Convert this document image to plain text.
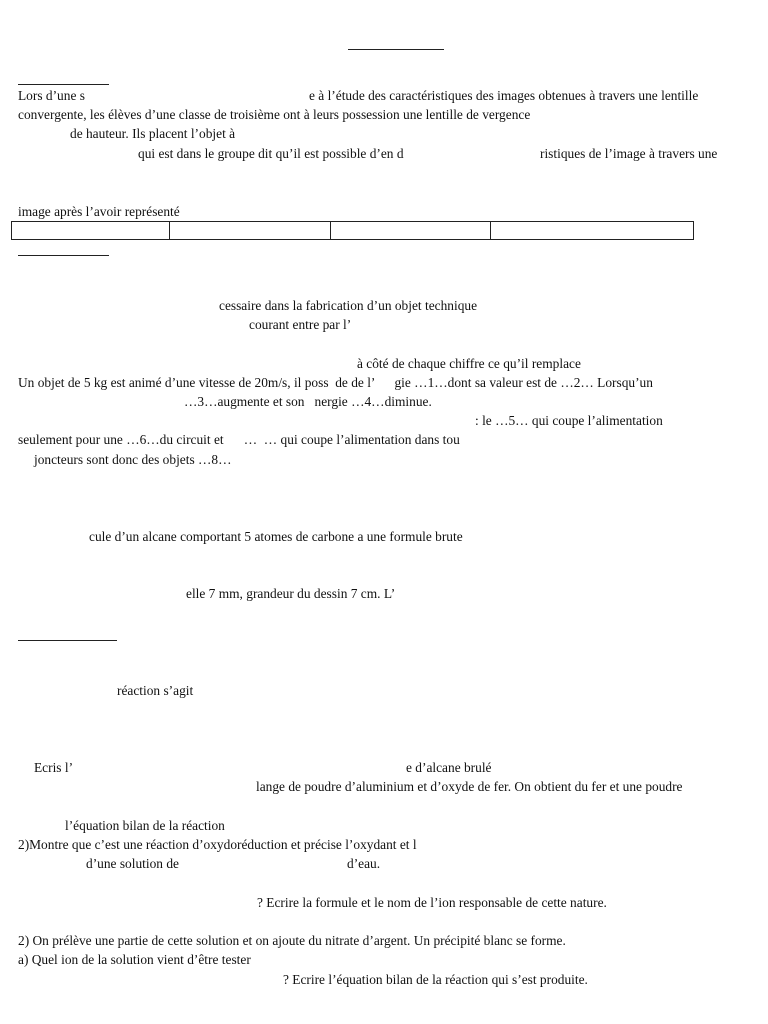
Lors d’une s	e à l’étude des caractéristiques des images obtenues à travers une lentille
convergente, les élèves d’une classe de troisième ont à leurs possession une lentille de vergence
de hauteur. Ils placent l’objet à
qui est dans le groupe dit qu’il est possible d’en d	ristiques de l’image à travers une
image après l’avoir représenté
cessaire dans la fabrication d’un objet technique
courant entre par l’
à côté de chaque chiffre ce qu’il remplace
Un objet de 5 kg est animé d’une vitesse de 20m/s, il poss  de de l’      gie …1…dont sa valeur est de …2… Lorsqu’un
…3…augmente et son   nergie …4…diminue.
: le …5… qui coupe l’alimentation
seulement pour une …6…du circuit et      …  … qui coupe l’alimentation dans tou
joncteurs sont donc des objets …8…
cule d’un alcane comportant 5 atomes de carbone a une formule brute
elle 7 mm, grandeur du dessin 7 cm. L’
réaction s’agit
Ecris l’	e d’alcane brulé
lange de poudre d’aluminium et d’oxyde de fer. On obtient du fer et une poudre
l’équation bilan de la réaction
2)Montre que c’est une réaction d’oxydoréduction et précise l’oxydant et l
d’une solution de	d’eau.
? Ecrire la formule et le nom de l’ion responsable de cette nature.
2) On prélève une partie de cette solution et on ajoute du nitrate d’argent. Un précipité blanc se forme.
a) Quel ion de la solution vient d’être tester
? Ecrire l’équation bilan de la réaction qui s’est produite.
